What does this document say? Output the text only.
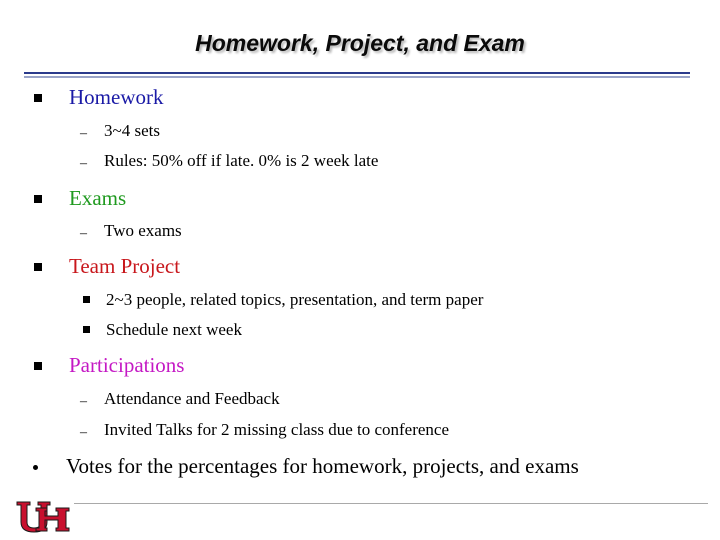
Homework, Project, and Exam
Homework
– 3~4 sets
– Rules: 50% off if late. 0% is 2 week late
Exams
– Two exams
Team Project
2~3 people, related topics, presentation, and term paper
Schedule next week
Participations
– Attendance and Feedback
– Invited Talks for 2 missing class due to conference
Votes for the percentages for homework, projects, and exams
